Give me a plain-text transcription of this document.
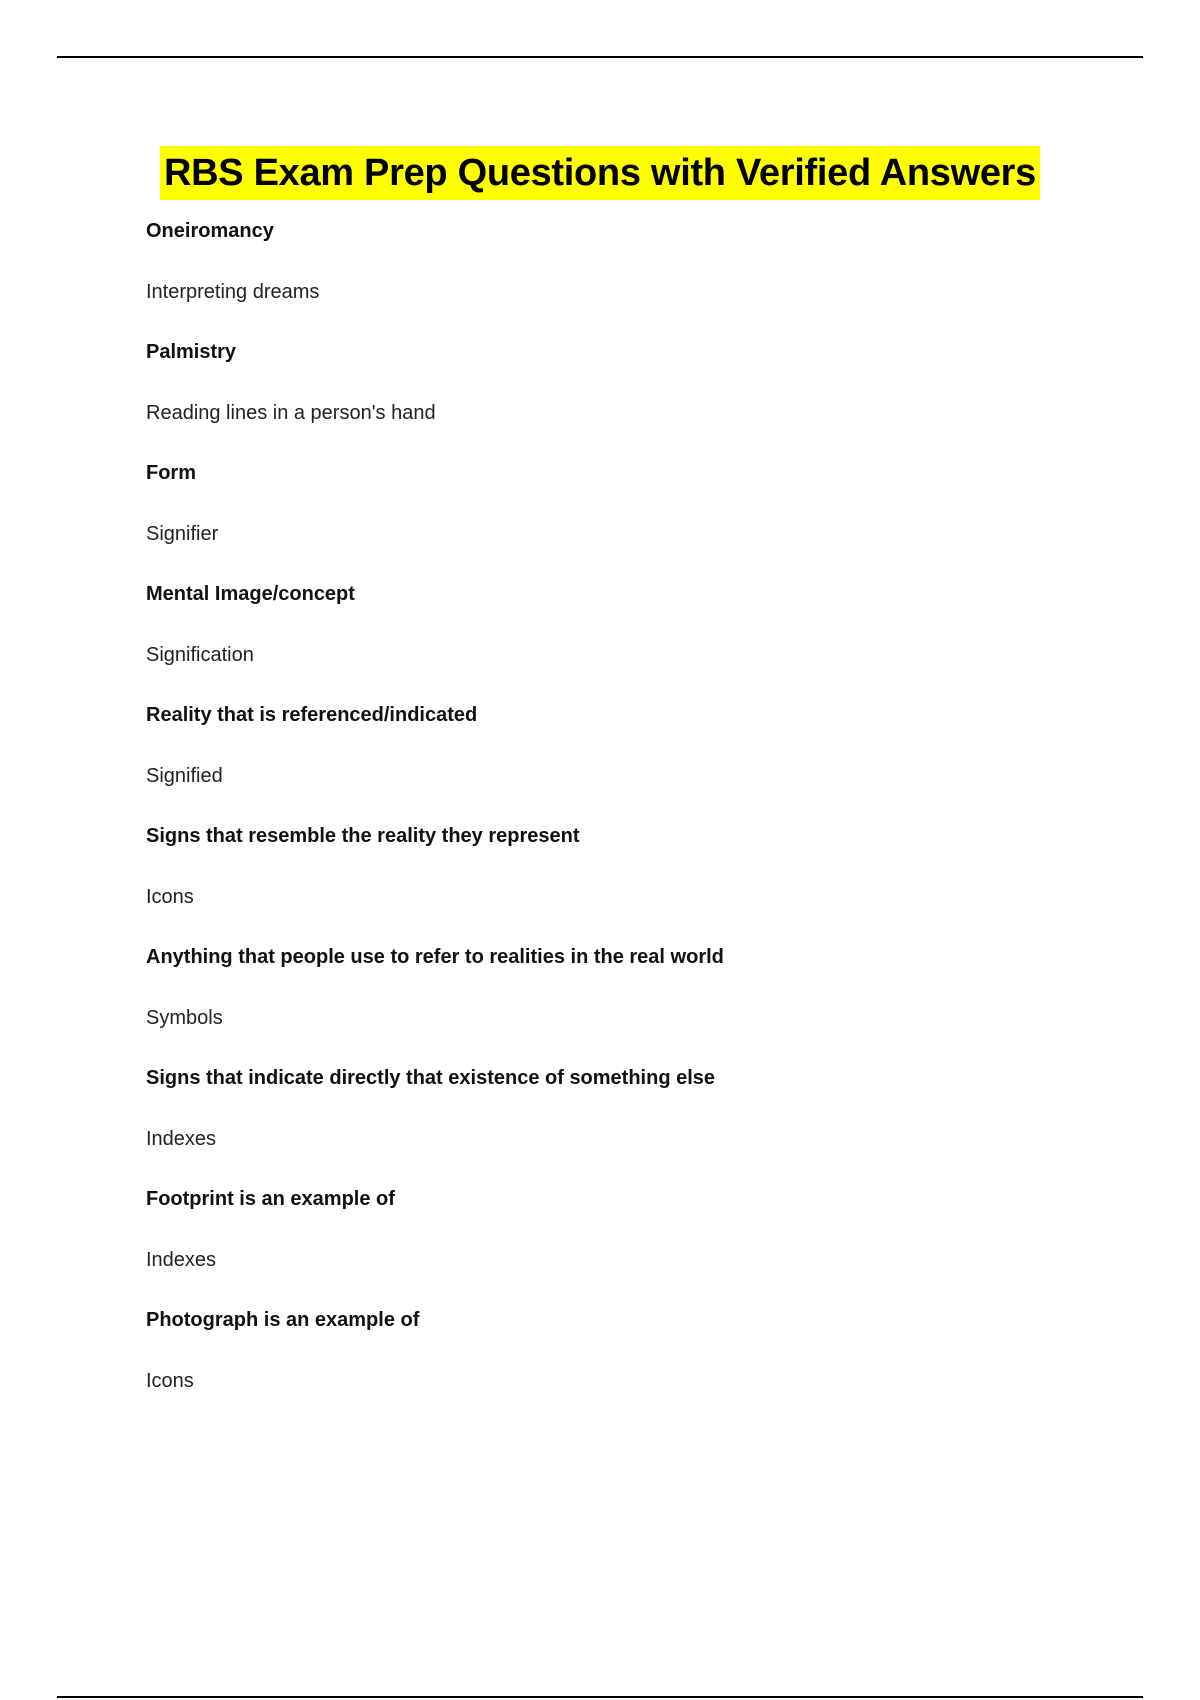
RBS Exam Prep Questions with Verified Answers
Oneiromancy
Interpreting dreams
Palmistry
Reading lines in a person's hand
Form
Signifier
Mental Image/concept
Signification
Reality that is referenced/indicated
Signified
Signs that resemble the reality they represent
Icons
Anything that people use to refer to realities in the real world
Symbols
Signs that indicate directly that existence of something else
Indexes
Footprint is an example of
Indexes
Photograph is an example of
Icons
